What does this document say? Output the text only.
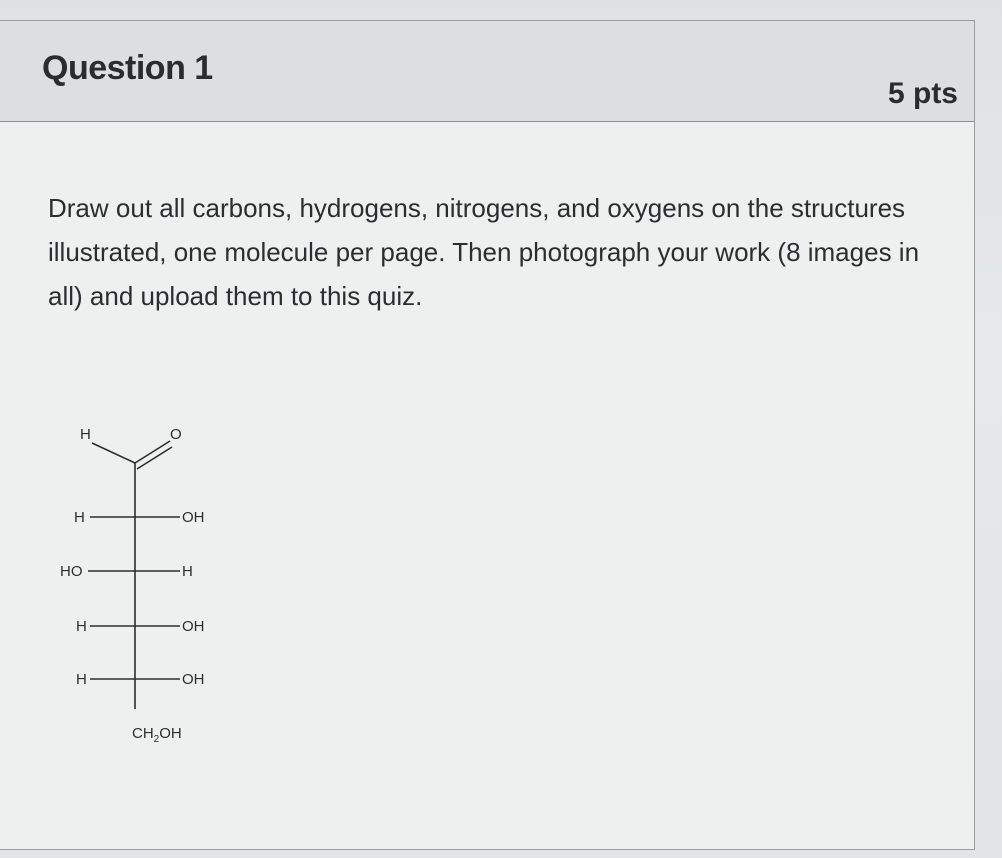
Question 1
5 pts

Draw out all carbons, hydrogens, nitrogens, and oxygens on the structures illustrated, one molecule per page. Then photograph your work (8 images in all) and upload them to this quiz.

H	O
H	OH
HO	H
H	OH
H	OH
$CH_2OH$
